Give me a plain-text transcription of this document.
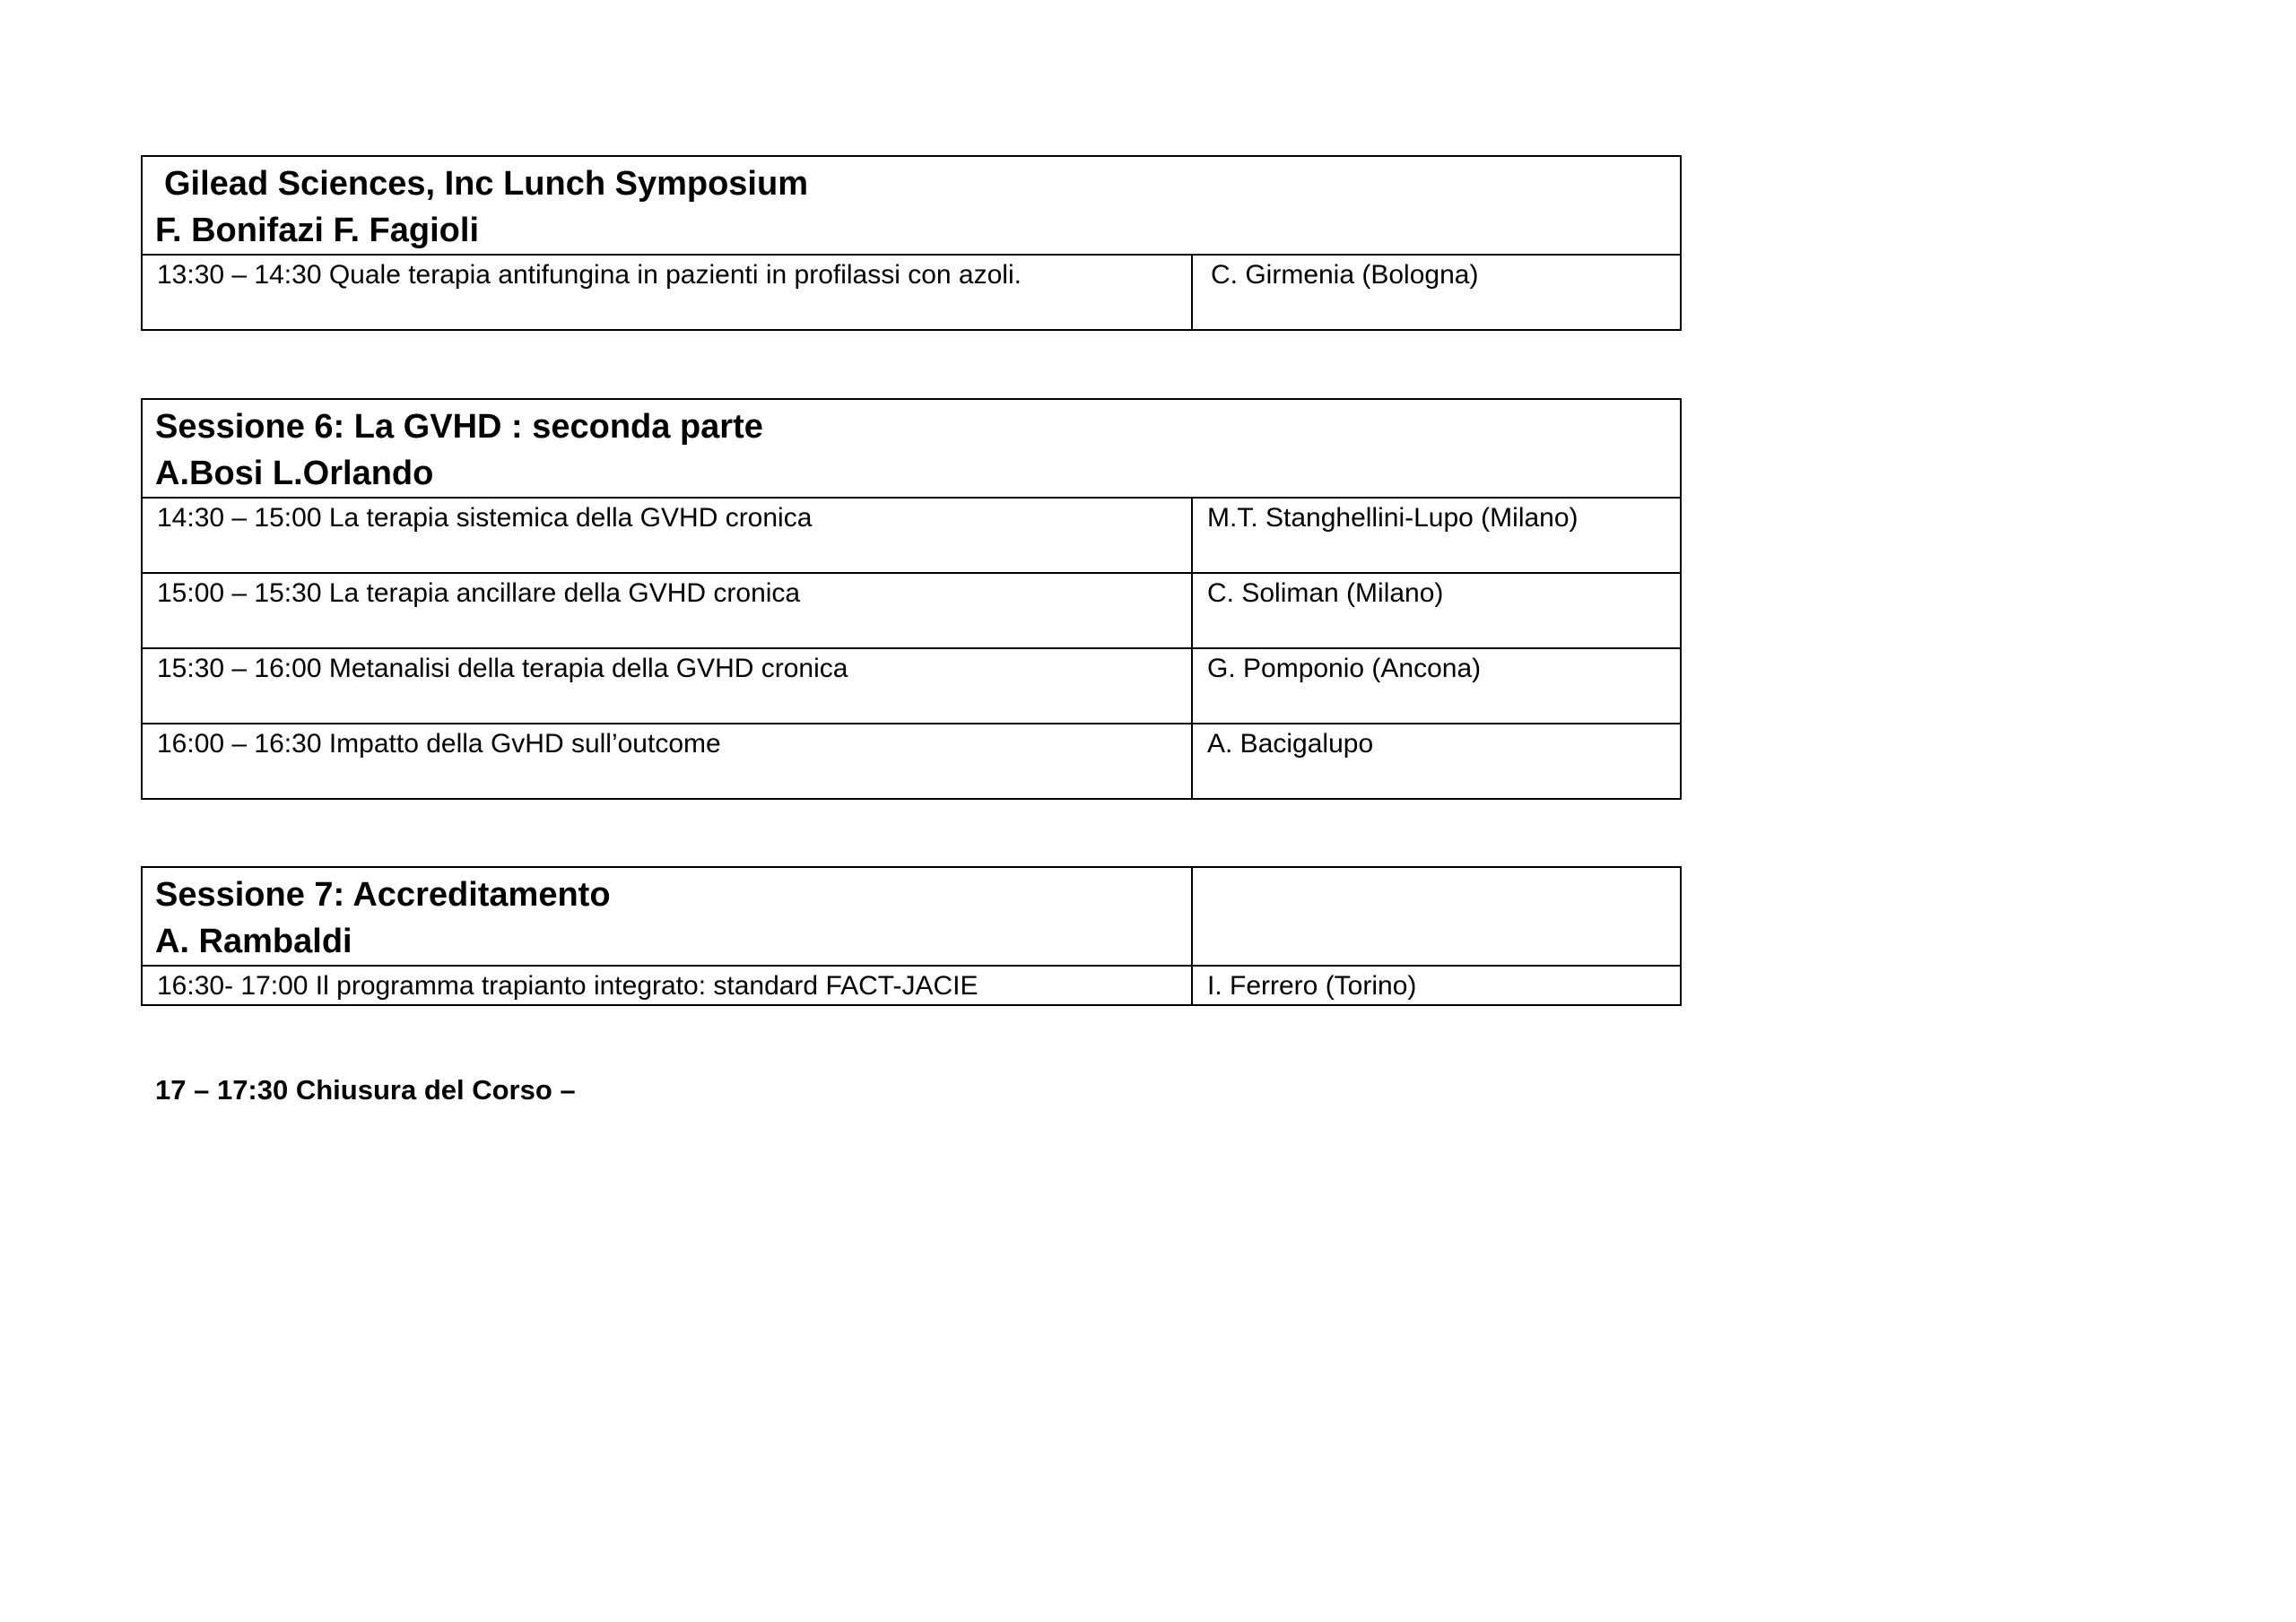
Gilead Sciences, Inc Lunch Symposium
F. Bonifazi F. Fagioli

13:30 – 14:30 Quale terapia antifungina in pazienti in profilassi con azoli.	C. Girmenia (Bologna)
Sessione 6: La GVHD : seconda parte
A.Bosi L.Orlando	

14:30 – 15:00 La terapia sistemica della GVHD cronica	M.T. Stanghellini-Lupo (Milano)
15:00 – 15:30 La terapia ancillare della GVHD cronica	C. Soliman (Milano)
15:30 – 16:00 Metanalisi della terapia della GVHD cronica	G. Pomponio (Ancona)
16:00 – 16:30 Impatto della GvHD sull’outcome	A. Bacigalupo
Sessione 7: Accreditamento
A. Rambaldi	

16:30- 17:00 Il programma trapianto integrato: standard FACT-JACIE	I. Ferrero (Torino)
17 – 17:30 Chiusura del Corso –
